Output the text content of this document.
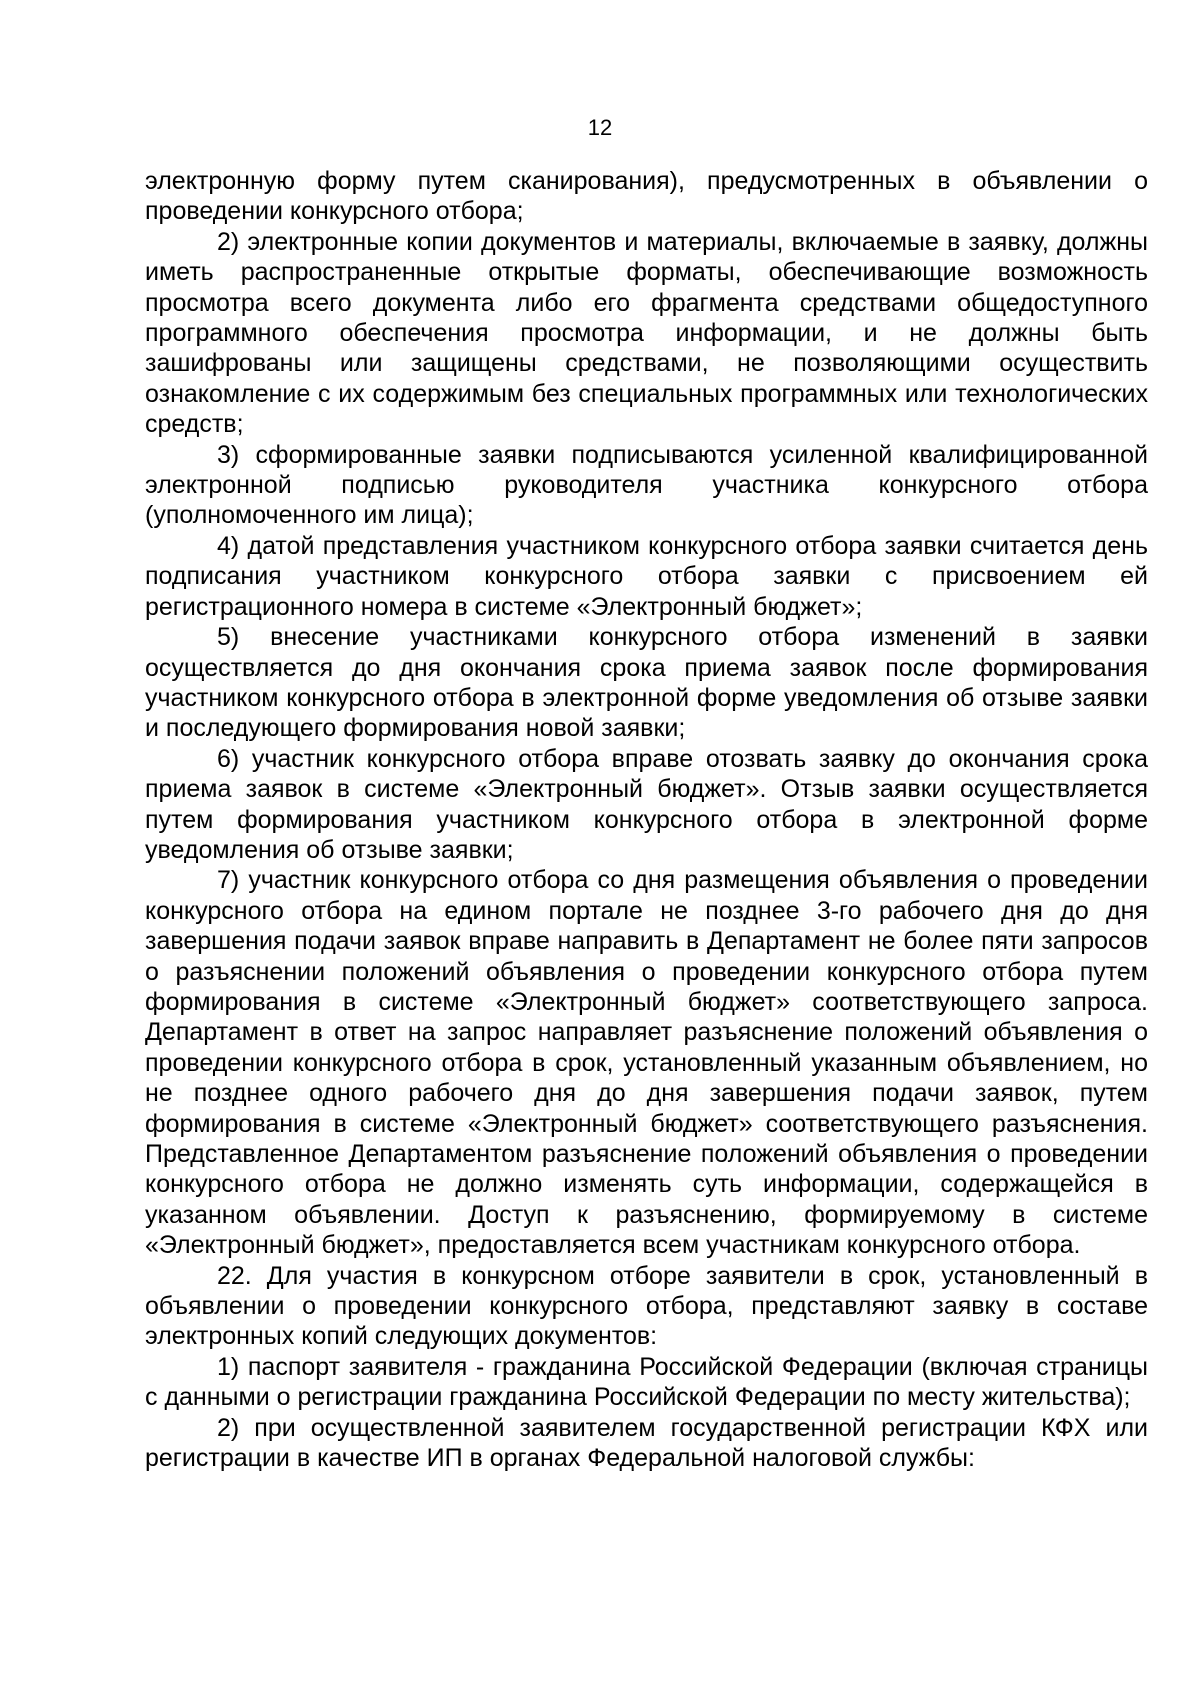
12

электронную форму путем сканирования), предусмотренных в объявлении о проведении конкурсного отбора;

2) электронные копии документов и материалы, включаемые в заявку, должны иметь распространенные открытые форматы, обеспечивающие возможность просмотра всего документа либо его фрагмента средствами общедоступного программного обеспечения просмотра информации, и не должны быть зашифрованы или защищены средствами, не позволяющими осуществить ознакомление с их содержимым без специальных программных или технологических средств;

3) сформированные заявки подписываются усиленной квалифицированной электронной подписью руководителя участника конкурсного отбора (уполномоченного им лица);

4) датой представления участником конкурсного отбора заявки считается день подписания участником конкурсного отбора заявки с присвоением ей регистрационного номера в системе «Электронный бюджет»;

5) внесение участниками конкурсного отбора изменений в заявки осуществляется до дня окончания срока приема заявок после формирования участником конкурсного отбора в электронной форме уведомления об отзыве заявки и последующего формирования новой заявки;

6) участник конкурсного отбора вправе отозвать заявку до окончания срока приема заявок в системе «Электронный бюджет». Отзыв заявки осуществляется путем формирования участником конкурсного отбора в электронной форме уведомления об отзыве заявки;

7) участник конкурсного отбора со дня размещения объявления о проведении конкурсного отбора на едином портале не позднее 3-го рабочего дня до дня завершения подачи заявок вправе направить в Департамент не более пяти запросов о разъяснении положений объявления о проведении конкурсного отбора путем формирования в системе «Электронный бюджет» соответствующего запроса. Департамент в ответ на запрос направляет разъяснение положений объявления о проведении конкурсного отбора в срок, установленный указанным объявлением, но не позднее одного рабочего дня до дня завершения подачи заявок, путем формирования в системе «Электронный бюджет» соответствующего разъяснения. Представленное Департаментом разъяснение положений объявления о проведении конкурсного отбора не должно изменять суть информации, содержащейся в указанном объявлении. Доступ к разъяснению, формируемому в системе «Электронный бюджет», предоставляется всем участникам конкурсного отбора.

22. Для участия в конкурсном отборе заявители в срок, установленный в объявлении о проведении конкурсного отбора, представляют заявку в составе электронных копий следующих документов:

1) паспорт заявителя - гражданина Российской Федерации (включая страницы с данными о регистрации гражданина Российской Федерации по месту жительства);

2) при осуществленной заявителем государственной регистрации КФХ или регистрации в качестве ИП в органах Федеральной налоговой службы:
